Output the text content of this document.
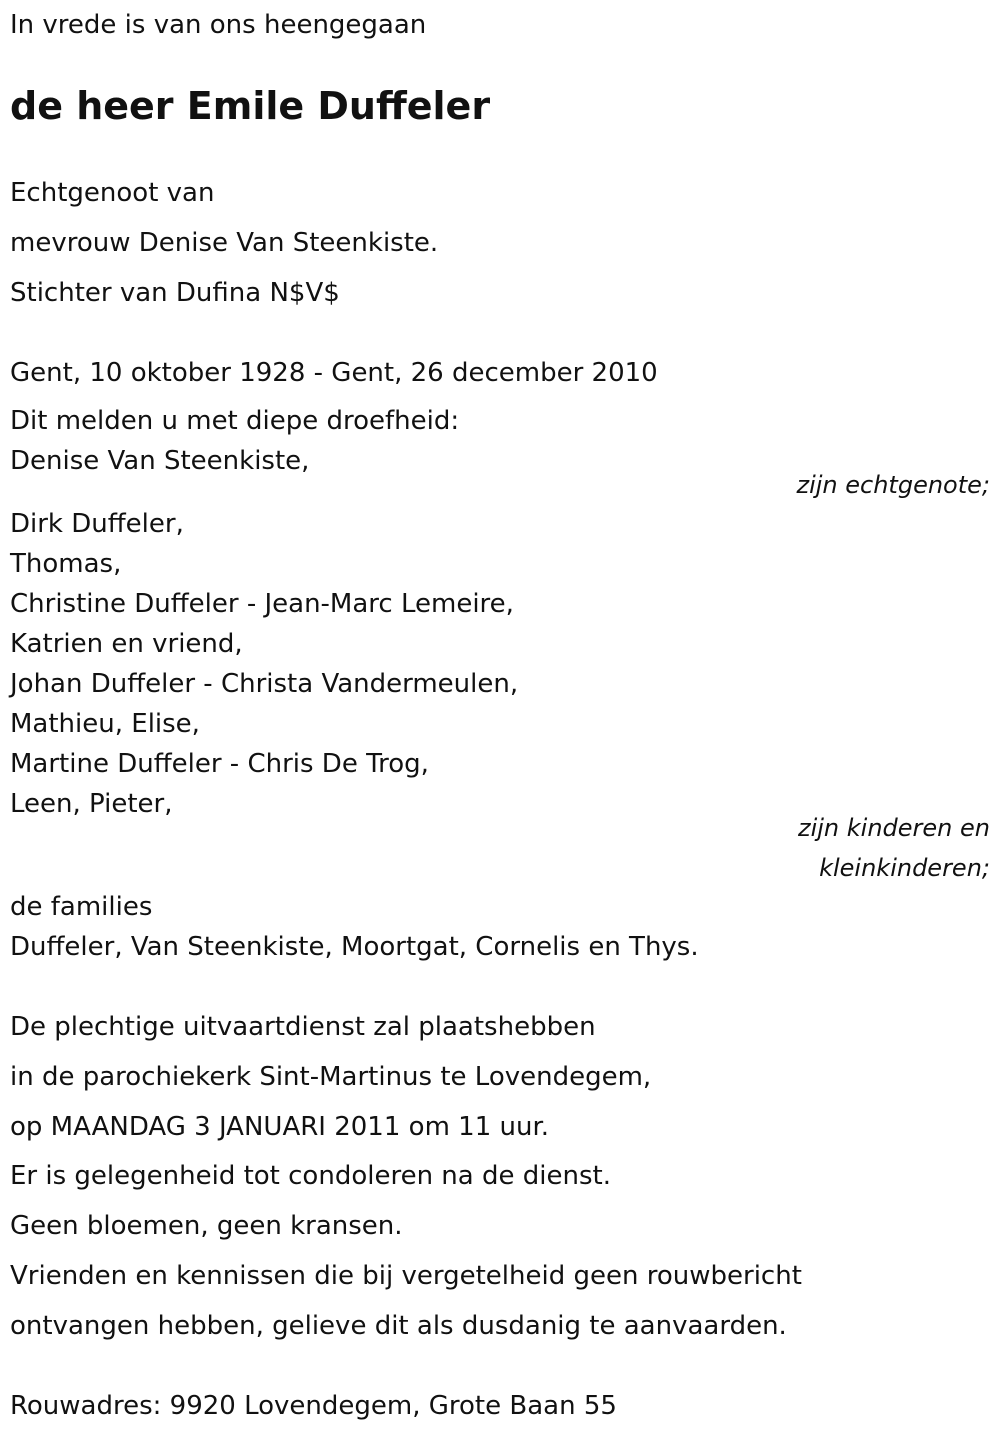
In vrede is van ons heengegaan
de heer Emile Duffeler
Echtgenoot van
mevrouw Denise Van Steenkiste.
Stichter van Dufina N$V$
Gent, 10 oktober 1928 - Gent, 26 december 2010
Dit melden u met diepe droefheid:
Denise Van Steenkiste,
zijn echtgenote;
Dirk Duffeler,
Thomas,
Christine Duffeler - Jean-Marc Lemeire,
Katrien en vriend,
Johan Duffeler - Christa Vandermeulen,
Mathieu, Elise,
Martine Duffeler - Chris De Trog,
Leen, Pieter,
zijn kinderen en
kleinkinderen;
de families
Duffeler, Van Steenkiste, Moortgat, Cornelis en Thys.
De plechtige uitvaartdienst zal plaatshebben
in de parochiekerk Sint-Martinus te Lovendegem,
op MAANDAG 3 JANUARI 2011 om 11 uur.
Er is gelegenheid tot condoleren na de dienst.
Geen bloemen, geen kransen.
Vrienden en kennissen die bij vergetelheid geen rouwbericht
ontvangen hebben, gelieve dit als dusdanig te aanvaarden.
Rouwadres: 9920 Lovendegem, Grote Baan 55
